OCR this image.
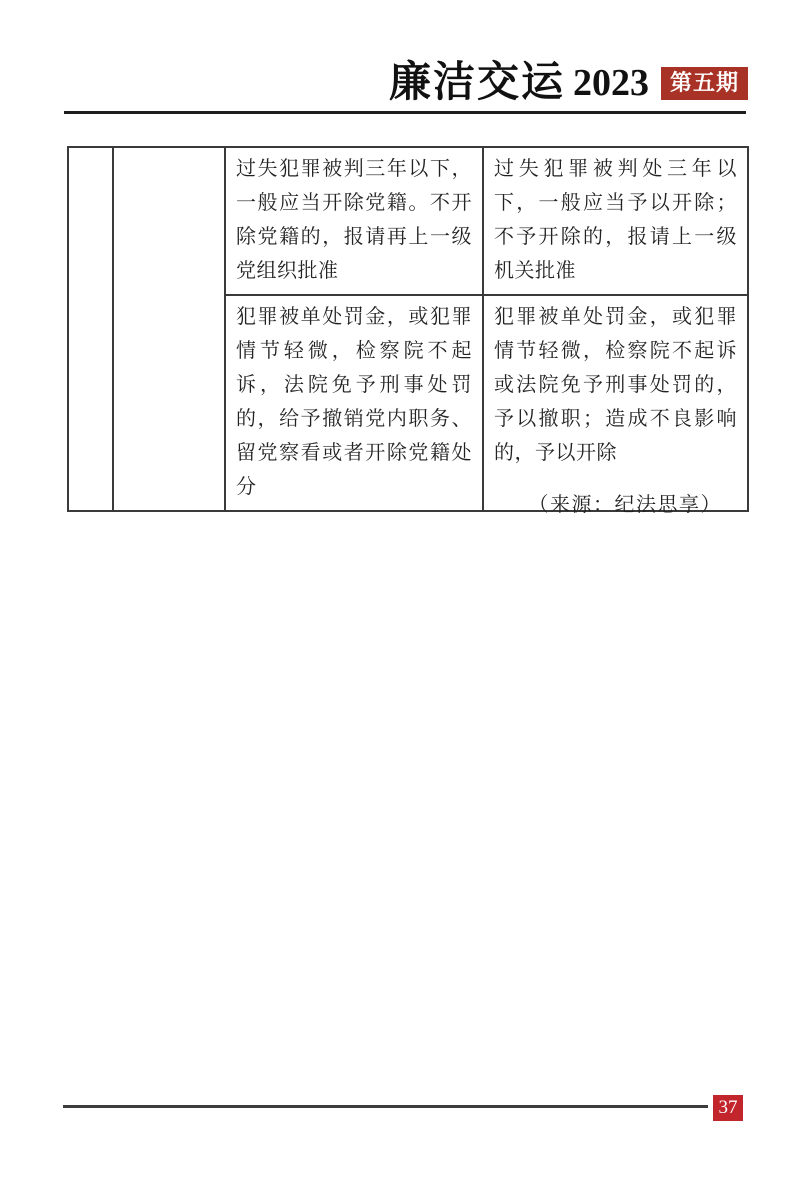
廉洁交运 2023 第五期
		过失犯罪被判三年以下，一般应当开除党籍。不开除党籍的，报请再上一级党组织批准	过失犯罪被判处三年以下，一般应当予以开除；不予开除的，报请上一级机关批准
		犯罪被单处罚金，或犯罪情节轻微，检察院不起诉，法院免予刑事处罚的，给予撤销党内职务、留党察看或者开除党籍处分	犯罪被单处罚金，或犯罪情节轻微，检察院不起诉或法院免予刑事处罚的，予以撤职；造成不良影响的，予以开除
（来源：纪法思享）
37
